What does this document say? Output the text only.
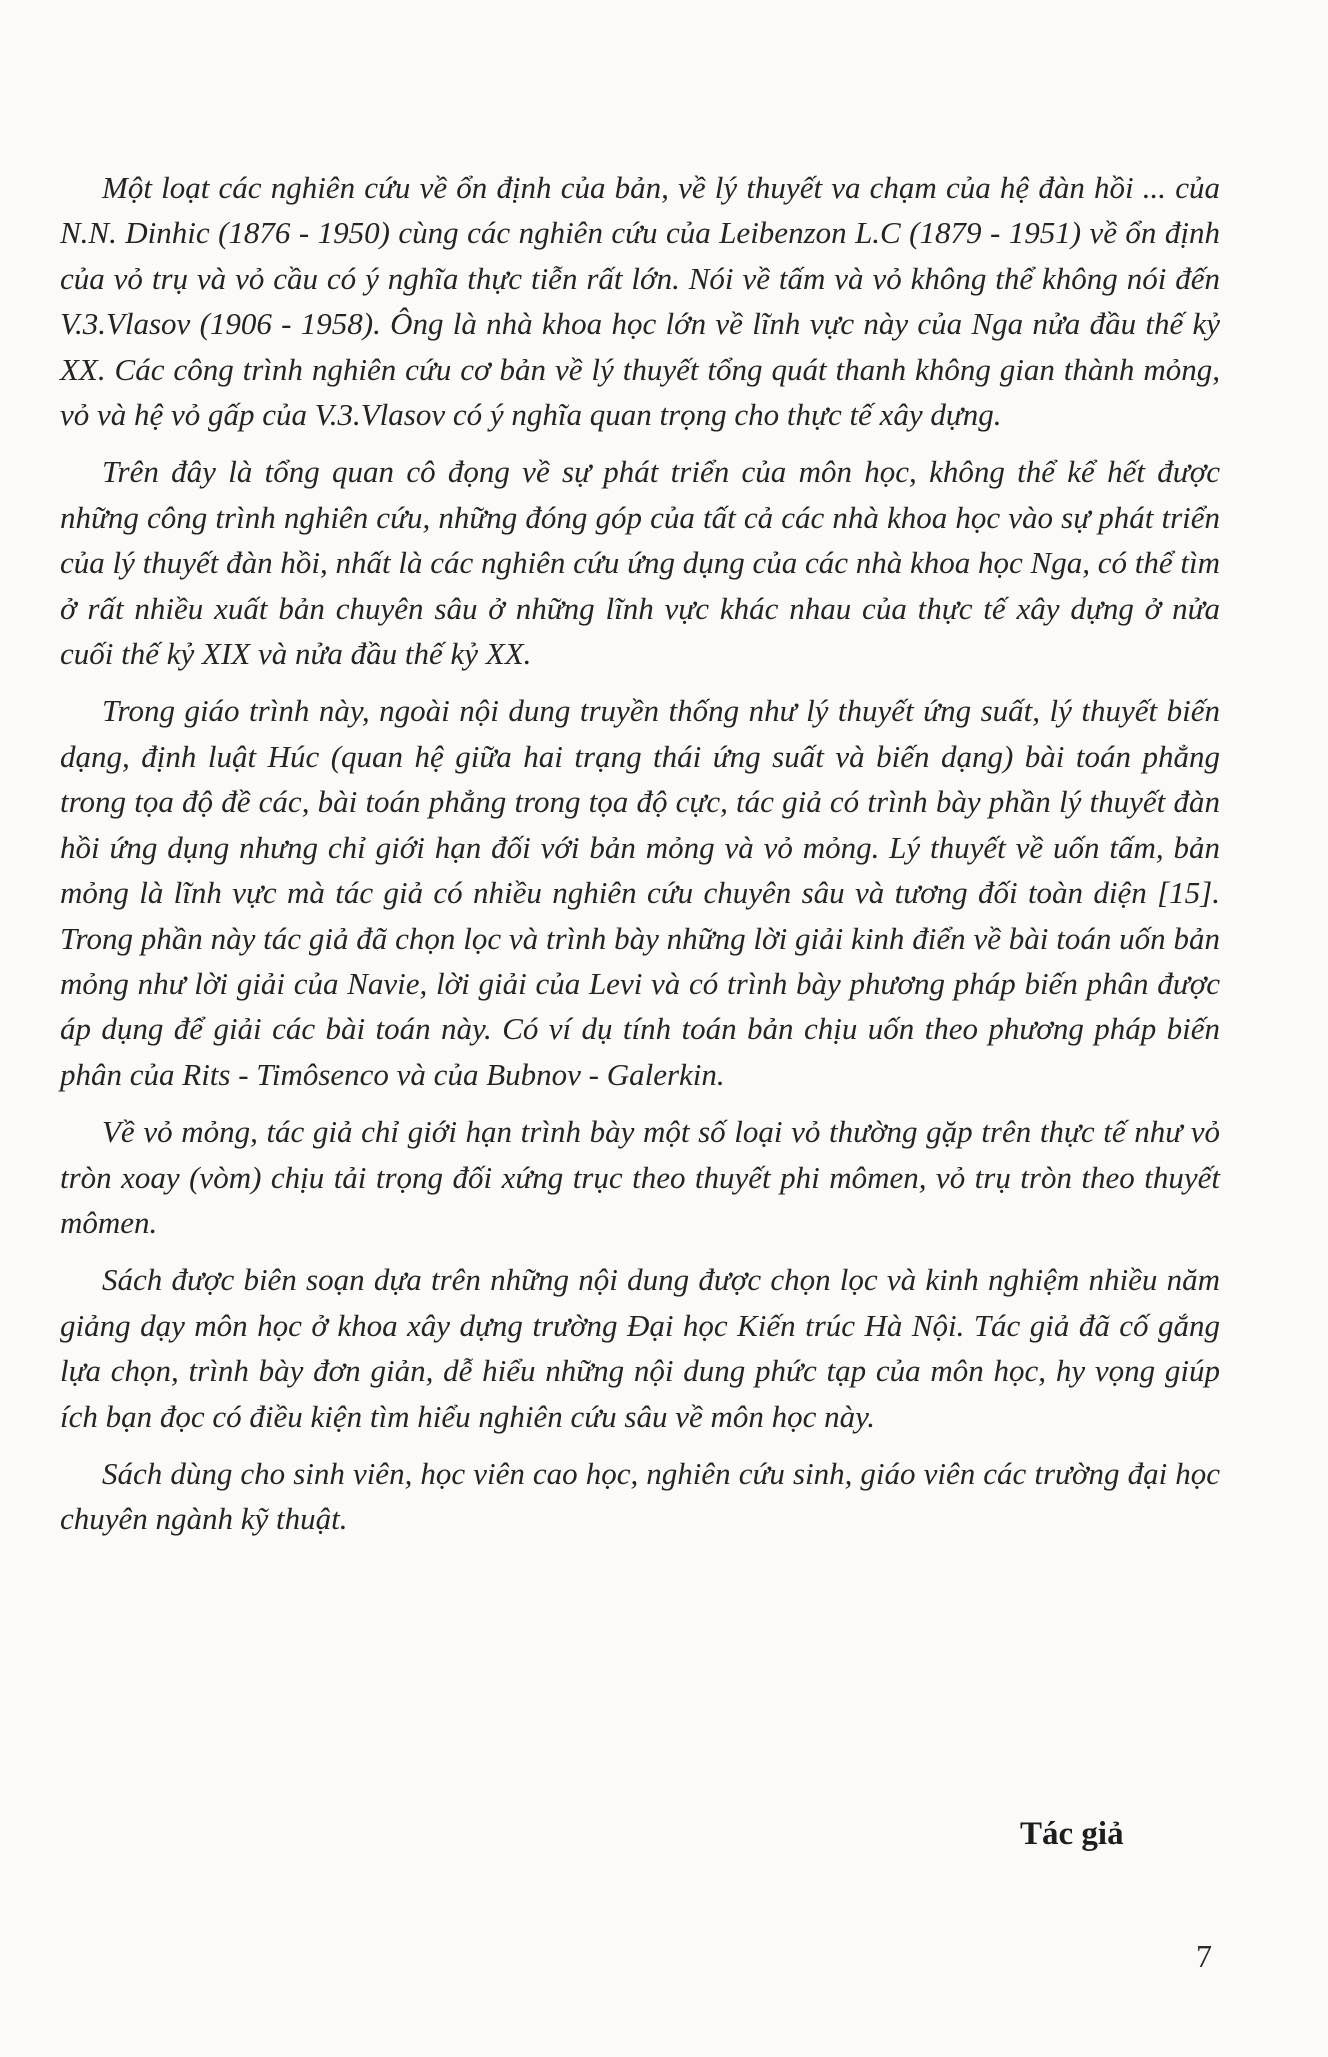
Một loạt các nghiên cứu về ổn định của bản, về lý thuyết va chạm của hệ đàn hồi ... của N.N. Dinhic (1876 - 1950) cùng các nghiên cứu của Leibenzon L.C (1879 - 1951) về ổn định của vỏ trụ và vỏ cầu có ý nghĩa thực tiễn rất lớn. Nói về tấm và vỏ không thể không nói đến V.3.Vlasov (1906 - 1958). Ông là nhà khoa học lớn về lĩnh vực này của Nga nửa đầu thế kỷ XX. Các công trình nghiên cứu cơ bản về lý thuyết tổng quát thanh không gian thành mỏng, vỏ và hệ vỏ gấp của V.3.Vlasov có ý nghĩa quan trọng cho thực tế xây dựng.

Trên đây là tổng quan cô đọng về sự phát triển của môn học, không thể kể hết được những công trình nghiên cứu, những đóng góp của tất cả các nhà khoa học vào sự phát triển của lý thuyết đàn hồi, nhất là các nghiên cứu ứng dụng của các nhà khoa học Nga, có thể tìm ở rất nhiều xuất bản chuyên sâu ở những lĩnh vực khác nhau của thực tế xây dựng ở nửa cuối thế kỷ XIX và nửa đầu thế kỷ XX.

Trong giáo trình này, ngoài nội dung truyền thống như lý thuyết ứng suất, lý thuyết biến dạng, định luật Húc (quan hệ giữa hai trạng thái ứng suất và biến dạng) bài toán phẳng trong tọa độ đề các, bài toán phẳng trong tọa độ cực, tác giả có trình bày phần lý thuyết đàn hồi ứng dụng nhưng chỉ giới hạn đối với bản mỏng và vỏ mỏng. Lý thuyết về uốn tấm, bản mỏng là lĩnh vực mà tác giả có nhiều nghiên cứu chuyên sâu và tương đối toàn diện [15]. Trong phần này tác giả đã chọn lọc và trình bày những lời giải kinh điển về bài toán uốn bản mỏng như lời giải của Navie, lời giải của Levi và có trình bày phương pháp biến phân được áp dụng để giải các bài toán này. Có ví dụ tính toán bản chịu uốn theo phương pháp biến phân của Rits - Timôsenco và của Bubnov - Galerkin.

Về vỏ mỏng, tác giả chỉ giới hạn trình bày một số loại vỏ thường gặp trên thực tế như vỏ tròn xoay (vòm) chịu tải trọng đối xứng trục theo thuyết phi mômen, vỏ trụ tròn theo thuyết mômen.

Sách được biên soạn dựa trên những nội dung được chọn lọc và kinh nghiệm nhiều năm giảng dạy môn học ở khoa xây dựng trường Đại học Kiến trúc Hà Nội. Tác giả đã cố gắng lựa chọn, trình bày đơn giản, dễ hiểu những nội dung phức tạp của môn học, hy vọng giúp ích bạn đọc có điều kiện tìm hiểu nghiên cứu sâu về môn học này.

Sách dùng cho sinh viên, học viên cao học, nghiên cứu sinh, giáo viên các trường đại học chuyên ngành kỹ thuật.

Tác giả
7
